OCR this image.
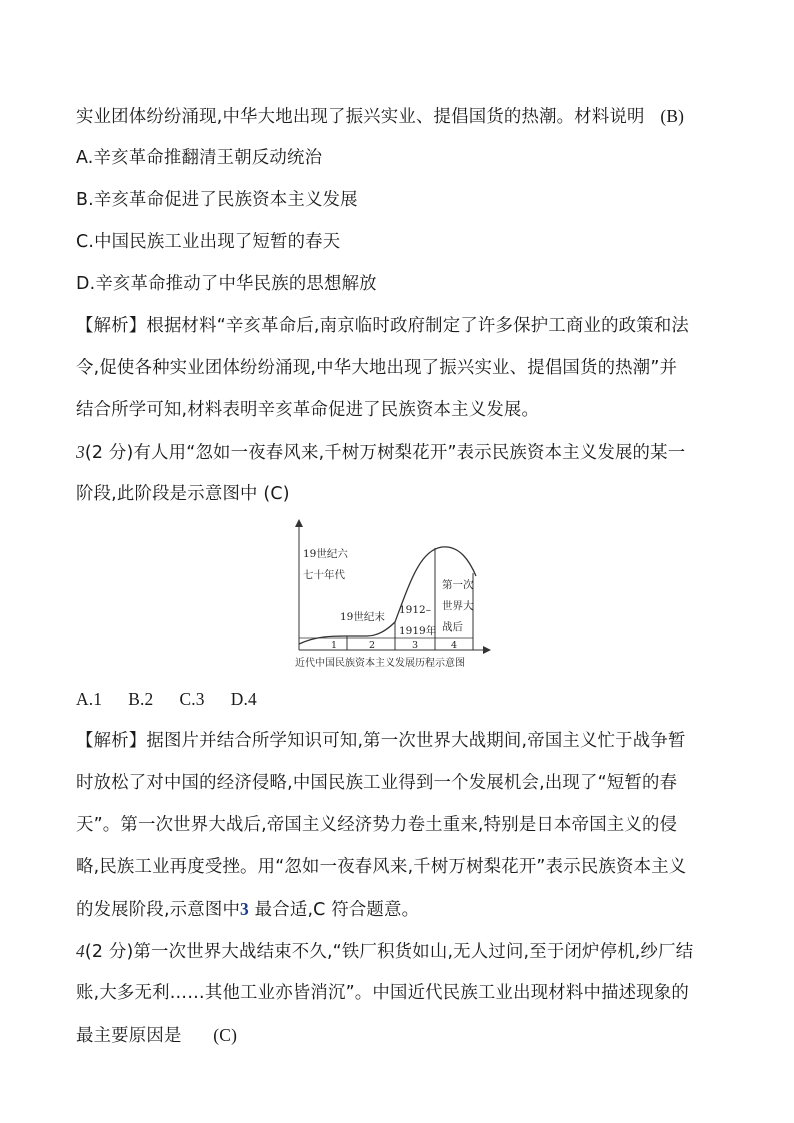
实业团体纷纷涌现,中华大地出现了振兴实业、提倡国货的热潮。材料说明 (B)
A.辛亥革命推翻清王朝反动统治
B.辛亥革命促进了民族资本主义发展
C.中国民族工业出现了短暂的春天
D.辛亥革命推动了中华民族的思想解放
【解析】根据材料“辛亥革命后,南京临时政府制定了许多保护工商业的政策和法
令,促使各种实业团体纷纷涌现,中华大地出现了振兴实业、提倡国货的热潮”并
结合所学可知,材料表明辛亥革命促进了民族资本主义发展。
3(2 分)有人用“忽如一夜春风来,千树万树梨花开”表示民族资本主义发展的某一
阶段,此阶段是示意图中 (C)
19世纪六
七十年代
19世纪末
1912–
1919年
第一次
世界大
战后
1	2	3	4
近代中国民族资本主义发展历程示意图
A.1 B.2 C.3 D.4
【解析】据图片并结合所学知识可知,第一次世界大战期间,帝国主义忙于战争暂
时放松了对中国的经济侵略,中国民族工业得到一个发展机会,出现了“短暂的春
天”。第一次世界大战后,帝国主义经济势力卷土重来,特别是日本帝国主义的侵
略,民族工业再度受挫。用“忽如一夜春风来,千树万树梨花开”表示民族资本主义
的发展阶段,示意图中3 最合适,C 符合题意。
4(2 分)第一次世界大战结束不久,“铁厂积货如山,无人过问,至于闭炉停机,纱厂结
账,大多无利……其他工业亦皆消沉”。中国近代民族工业出现材料中描述现象的
最主要原因是 (C)
